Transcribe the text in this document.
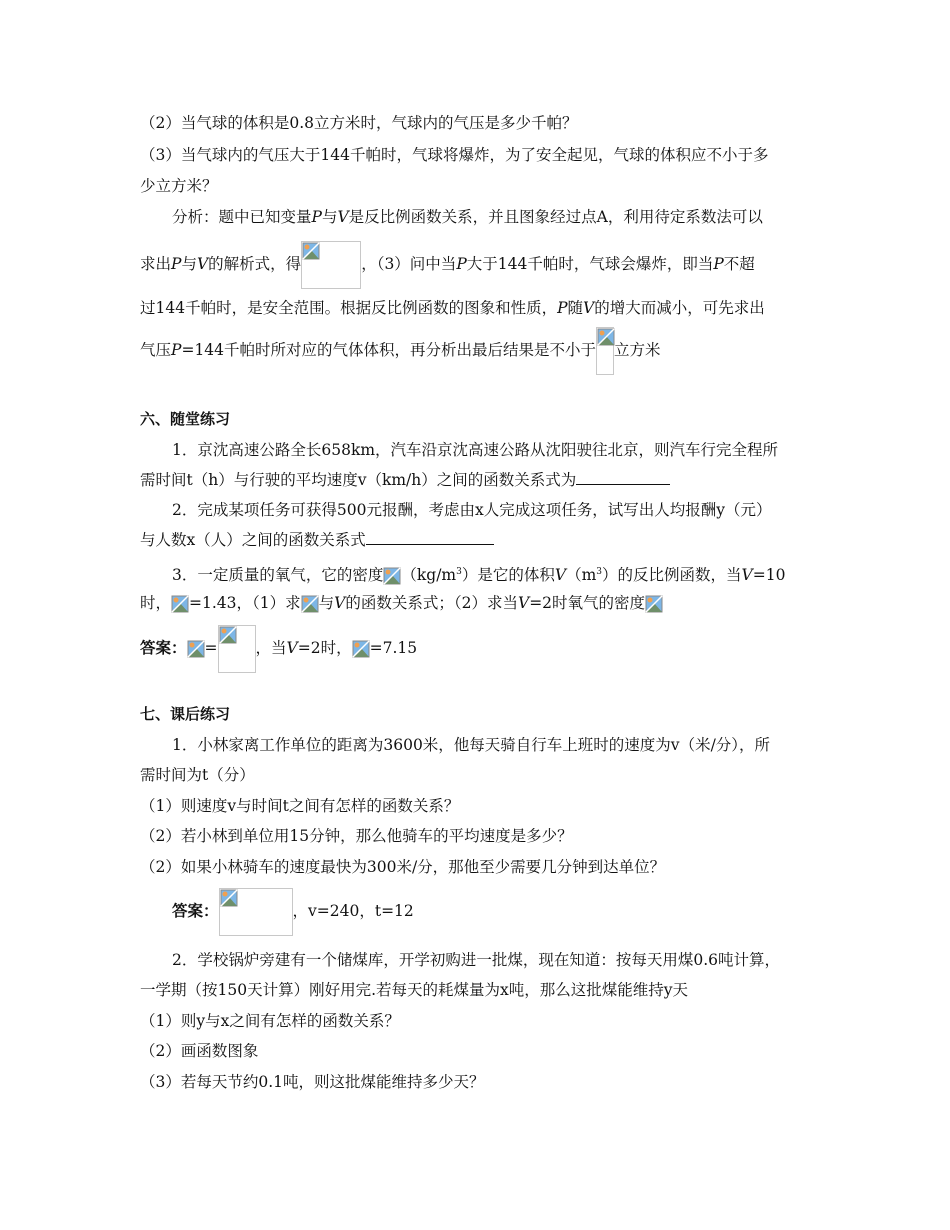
（2）当气球的体积是0.8立方米时，气球内的气压是多少千帕？
（3）当气球内的气压大于144千帕时，气球将爆炸，为了安全起见，气球的体积应不小于多
少立方米？
分析：题中已知变量P与V是反比例函数关系，并且图象经过点A，利用待定系数法可以
求出P与V的解析式，得	，（3）问中当P大于144千帕时，气球会爆炸，即当P不超
过144千帕时，是安全范围。根据反比例函数的图象和性质，P随V的增大而减小，可先求出
气压P=144千帕时所对应的气体体积，再分析出最后结果是不小于 立方米
六、随堂练习
1．京沈高速公路全长658km，汽车沿京沈高速公路从沈阳驶往北京，则汽车行完全程所
需时间t（h）与行驶的平均速度v（km/h）之间的函数关系式为
2．完成某项任务可获得500元报酬，考虑由x人完成这项任务，试写出人均报酬y（元）
与人数x（人）之间的函数关系式
3．一定质量的氧气，它的密度 $(kg/m^3)$是它的体积$V(m^3)$的反比例函数，当V=10
时， =1.43，（1）求 与V的函数关系式；（2）求当V=2时氧气的密度
答案： = ，当V=2时， =7.15
七、课后练习
1．小林家离工作单位的距离为3600米，他每天骑自行车上班时的速度为v（米/分），所
需时间为t（分）
（1）则速度v与时间t之间有怎样的函数关系？
（2）若小林到单位用15分钟，那么他骑车的平均速度是多少？
（2）如果小林骑车的速度最快为300米/分，那他至少需要几分钟到达单位？
答案：	，v=240，t=12
2．学校锅炉旁建有一个储煤库，开学初购进一批煤，现在知道：按每天用煤0.6吨计算，
一学期（按150天计算）刚好用完.若每天的耗煤量为x吨，那么这批煤能维持y天
（1）则y与x之间有怎样的函数关系？
（2）画函数图象
（3）若每天节约0.1吨，则这批煤能维持多少天？
